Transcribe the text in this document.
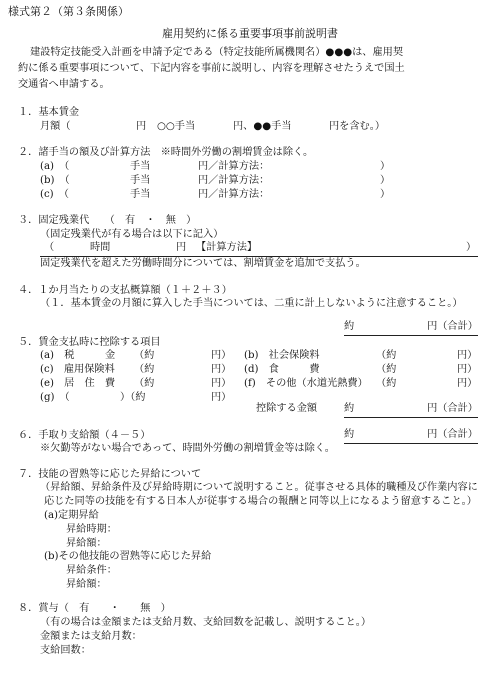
様式第２（第３条関係）
雇用契約に係る重要事項事前説明書
建設特定技能受入計画を申請予定である（特定技能所属機関名）●●●は、雇用契
約に係る重要事項について、下記内容を事前に説明し、内容を理解させたうえで国土
交通省へ申請する。
１．基本賃金
月額（	円 ○○手当	円、●●手当	円を含む。）
２．諸手当の額及び計算方法　※時間外労働の割増賃金は除く。
(a)　（	手当	円／計算方法：	）
(b)　（	手当	円／計算方法：	）
(c)　（	手当	円／計算方法：	）
３．固定残業代　　（　有　・　無　）
（固定残業代が有る場合は以下に記入）
（	時間	円 【計算方法】	）
固定残業代を超えた労働時間分については、割増賃金を追加で支払う。
４．１か月当たりの支払概算額（１＋２＋３）
（１．基本賃金の月額に算入した手当については、二重に計上しないように注意すること。）
約	円（合計）
５．賃金支払時に控除する項目
(a)　税　　　金 （約	円） (b)　社会保険料	（約	円）
(c)　雇用保険料 （約	円） (d)　食　　　費	（約	円）
(e)　居　住　費 （約	円） (f)　その他（水道光熱費） （約	円）
(g)　（	）（約	円）
控除する金額	約	円（合計）
６．手取り支給額（４－５）	約	円（合計）
※欠勤等がない場合であって、時間外労働の割増賃金等は除く。
７．技能の習熟等に応じた昇給について
（昇給額、昇給条件及び昇給時期について説明すること。従事させる具体的職種及び作業内容に
応じた同等の技能を有する日本人が従事する場合の報酬と同等以上になるよう留意すること。）
(a)定期昇給
昇給時期：
昇給額：
(b)その他技能の習熟等に応じた昇給
昇給条件：
昇給額：
８．賞与（　有　　・　　無　）
（有の場合は金額または支給月数、支給回数を記載し、説明すること。）
金額または支給月数：
支給回数：
